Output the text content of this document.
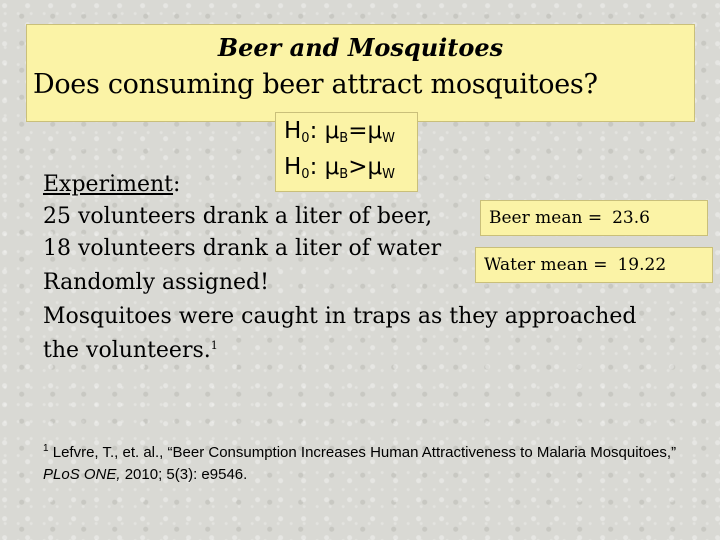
Beer and Mosquitoes
Does consuming beer attract mosquitoes?
$H_0$: $\mu_B=\mu_W$
$H_0$: $\mu_B>\mu_W$
Experiment:
25 volunteers drank a liter of beer,
18 volunteers drank a liter of water
Randomly assigned!
Mosquitoes were caught in traps as they approached
the volunteers.$^1$
Beer mean = 23.6
Water mean = 19.22
$^1$ Lefvre, T., et. al., “Beer Consumption Increases Human Attractiveness to Malaria Mosquitoes,” PLoS ONE, 2010; 5(3): e9546.
